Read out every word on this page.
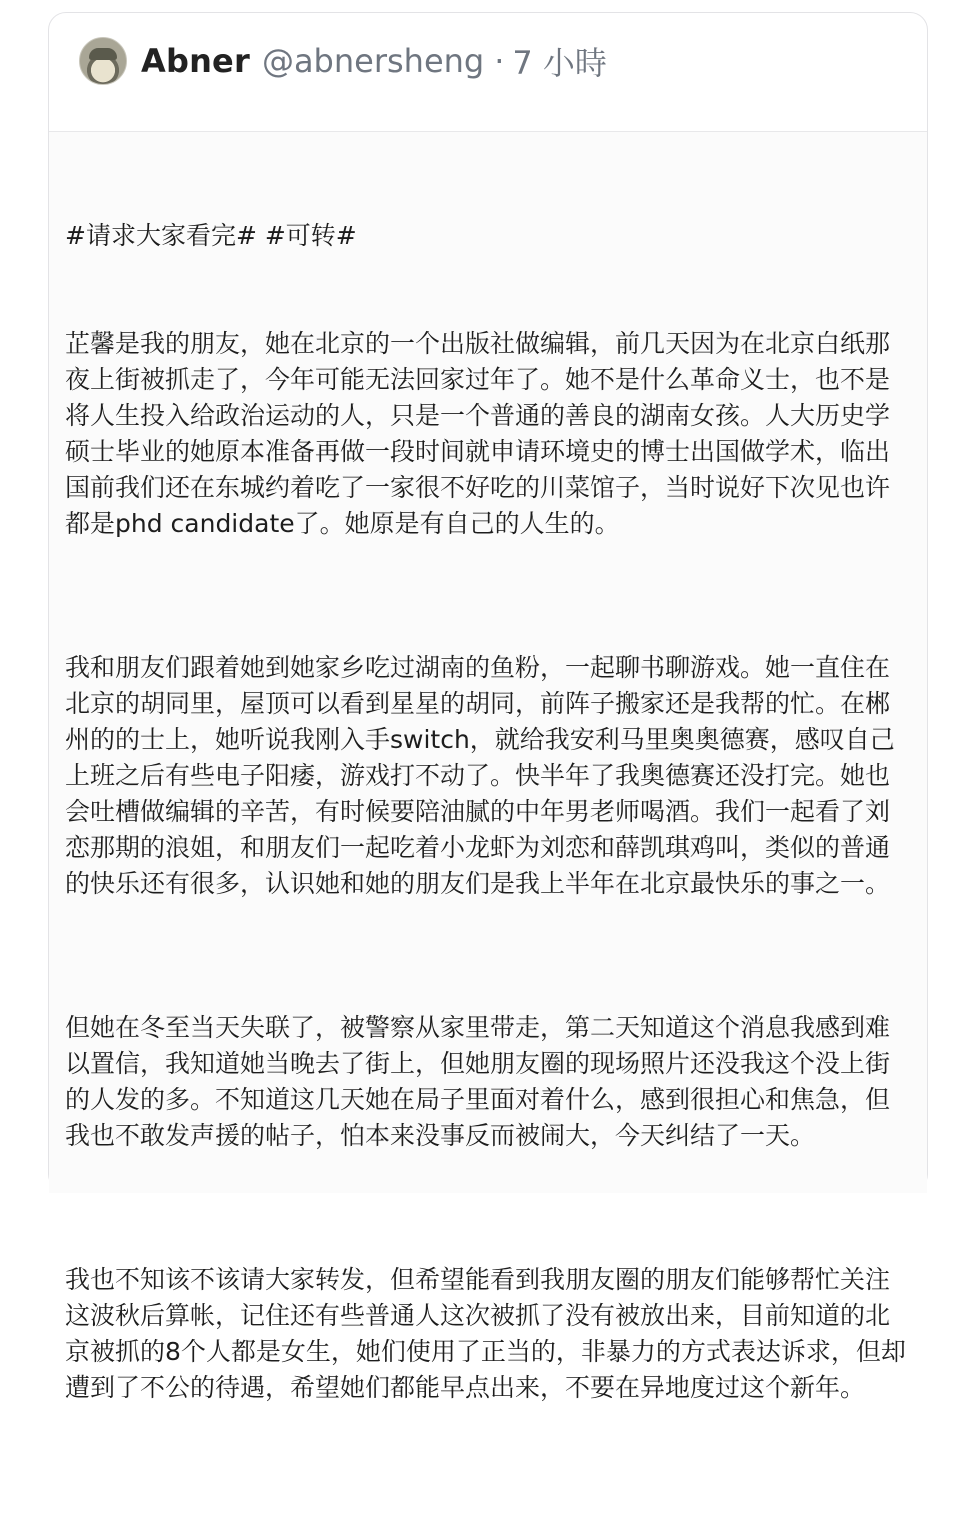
Abner @abnersheng · 7 小時

#请求大家看完# #可转#

芷馨是我的朋友，她在北京的一个出版社做编辑，前几天因为在北京白纸那夜上街被抓走了，今年可能无法回家过年了。她不是什么革命义士，也不是将人生投入给政治运动的人，只是一个普通的善良的湖南女孩。人大历史学硕士毕业的她原本准备再做一段时间就申请环境史的博士出国做学术，临出国前我们还在东城约着吃了一家很不好吃的川菜馆子，当时说好下次见也许都是phd candidate了。她原是有自己的人生的。

我和朋友们跟着她到她家乡吃过湖南的鱼粉，一起聊书聊游戏。她一直住在北京的胡同里，屋顶可以看到星星的胡同，前阵子搬家还是我帮的忙。在郴州的的士上，她听说我刚入手switch，就给我安利马里奥奥德赛，感叹自己上班之后有些电子阳痿，游戏打不动了。快半年了我奥德赛还没打完。她也会吐槽做编辑的辛苦，有时候要陪油腻的中年男老师喝酒。我们一起看了刘恋那期的浪姐，和朋友们一起吃着小龙虾为刘恋和薛凯琪鸡叫，类似的普通的快乐还有很多，认识她和她的朋友们是我上半年在北京最快乐的事之一。

但她在冬至当天失联了，被警察从家里带走，第二天知道这个消息我感到难以置信，我知道她当晚去了街上，但她朋友圈的现场照片还没我这个没上街的人发的多。不知道这几天她在局子里面对着什么，感到很担心和焦急，但我也不敢发声援的帖子，怕本来没事反而被闹大，今天纠结了一天。

我也不知该不该请大家转发，但希望能看到我朋友圈的朋友们能够帮忙关注这波秋后算帐，记住还有些普通人这次被抓了没有被放出来，目前知道的北京被抓的8个人都是女生，她们使用了正当的，非暴力的方式表达诉求，但却遭到了不公的待遇，希望她们都能早点出来，不要在异地度过这个新年。
